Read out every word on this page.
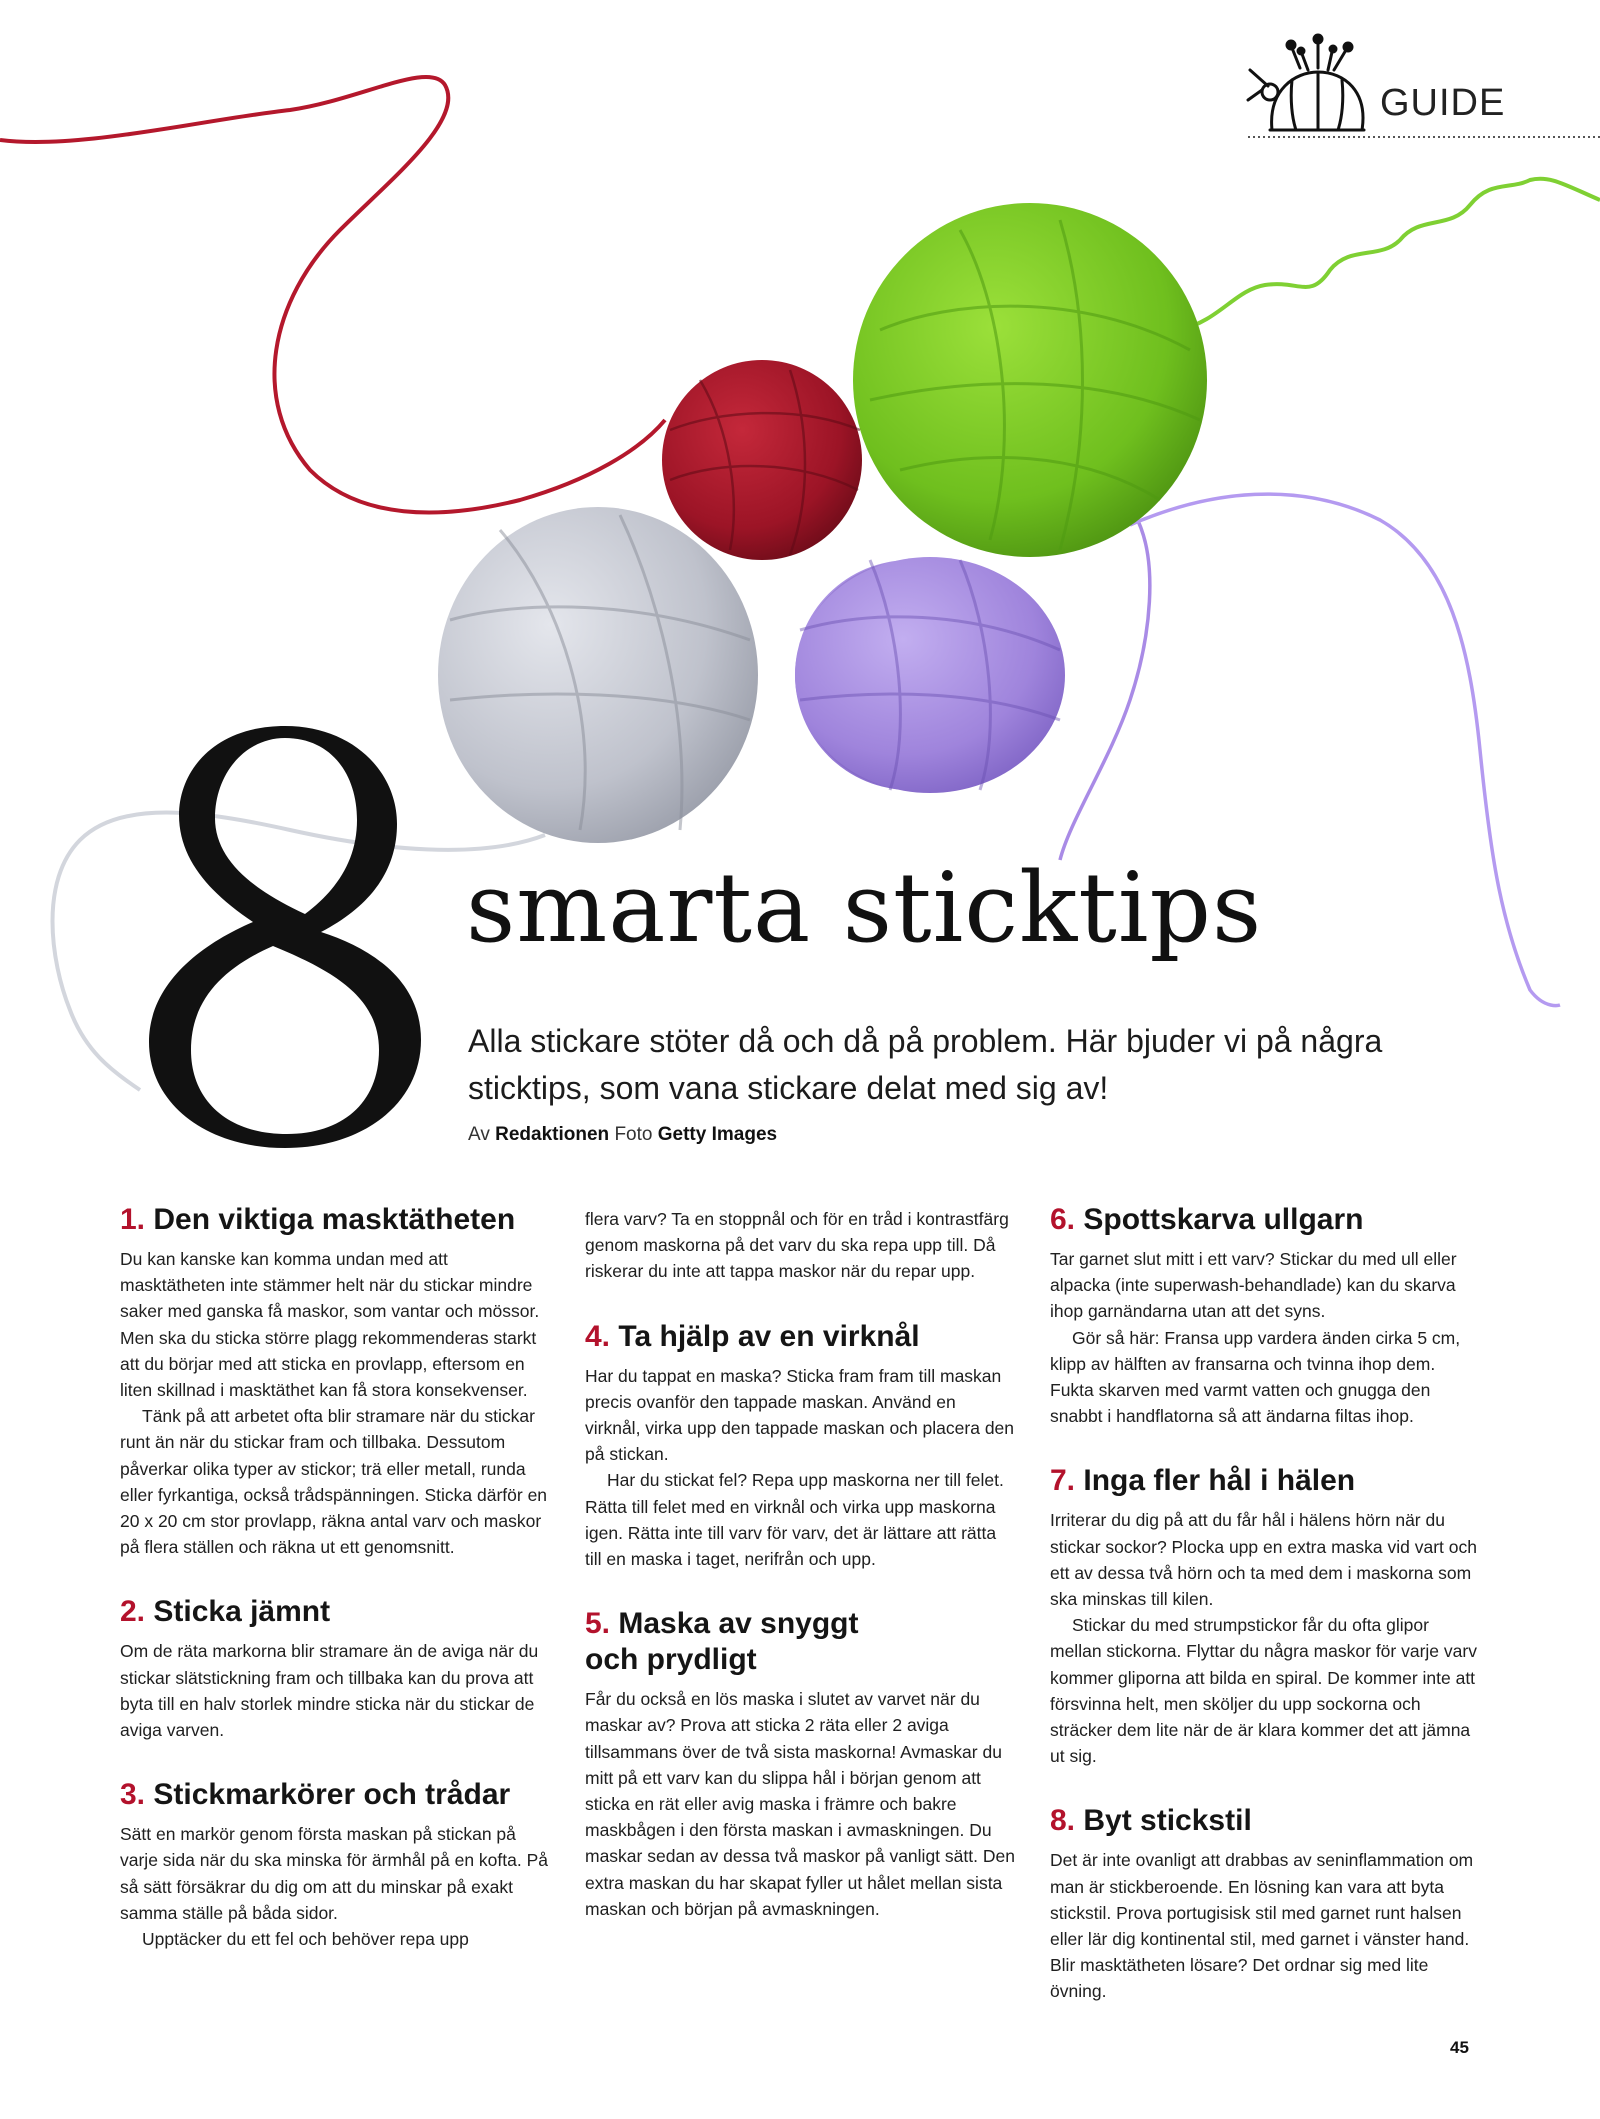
GUIDE
smarta sticktips
Alla stickare stöter då och då på problem. Här bjuder vi på några sticktips, som vana stickare delat med sig av!
Av Redaktionen Foto Getty Images
1. Den viktiga masktätheten

Du kan kanske kan komma undan med att masktätheten inte stämmer helt när du stickar mindre saker med ganska få maskor, som vantar och mössor. Men ska du sticka större plagg rekommenderas starkt att du börjar med att sticka en provlapp, eftersom en liten skillnad i masktäthet kan få stora konsekvenser.

Tänk på att arbetet ofta blir stramare när du stickar runt än när du stickar fram och tillbaka. Dessutom påverkar olika typer av stickor; trä eller metall, runda eller fyrkantiga, också trådspänningen. Sticka därför en 20 x 20 cm stor provlapp, räkna antal varv och maskor på flera ställen och räkna ut ett genomsnitt.

2. Sticka jämnt

Om de räta markorna blir stramare än de aviga när du stickar slätstickning fram och tillbaka kan du prova att byta till en halv storlek mindre sticka när du stickar de aviga varven.

3. Stickmarkörer och trådar

Sätt en markör genom första maskan på stickan på varje sida när du ska minska för ärmhål på en kofta. På så sätt försäkrar du dig om att du minskar på exakt samma ställe på båda sidor.

Upptäcker du ett fel och behöver repa upp

flera varv? Ta en stoppnål och för en tråd i kontrastfärg genom maskorna på det varv du ska repa upp till. Då riskerar du inte att tappa maskor när du repar upp.

4. Ta hjälp av en virknål

Har du tappat en maska? Sticka fram fram till maskan precis ovanför den tappade maskan. Använd en virknål, virka upp den tappade maskan och placera den på stickan.

Har du stickat fel? Repa upp maskorna ner till felet. Rätta till felet med en virknål och virka upp maskorna igen. Rätta inte till varv för varv, det är lättare att rätta till en maska i taget, nerifrån och upp.

5. Maska av snyggt
och prydligt

Får du också en lös maska i slutet av varvet när du maskar av? Prova att sticka 2 räta eller 2 aviga tillsammans över de två sista maskorna! Avmaskar du mitt på ett varv kan du slippa hål i början genom att sticka en rät eller avig maska i främre och bakre maskbågen i den första maskan i avmaskningen. Du maskar sedan av dessa två maskor på vanligt sätt. Den extra maskan du har skapat fyller ut hålet mellan sista maskan och början på avmaskningen.

6. Spottskarva ullgarn

Tar garnet slut mitt i ett varv? Stickar du med ull eller alpacka (inte superwash-behandlade) kan du skarva ihop garnändarna utan att det syns.

Gör så här: Fransa upp vardera änden cirka 5 cm, klipp av hälften av fransarna och tvinna ihop dem. Fukta skarven med varmt vatten och gnugga den snabbt i handflatorna så att ändarna filtas ihop.

7. Inga fler hål i hälen

Irriterar du dig på att du får hål i hälens hörn när du stickar sockor? Plocka upp en extra maska vid vart och ett av dessa två hörn och ta med dem i maskorna som ska minskas till kilen.

Stickar du med strumpstickor får du ofta glipor mellan stickorna. Flyttar du några maskor för varje varv kommer gliporna att bilda en spiral. De kommer inte att försvinna helt, men sköljer du upp sockorna och sträcker dem lite när de är klara kommer det att jämna ut sig.

8. Byt stickstil

Det är inte ovanligt att drabbas av seninflammation om man är stickberoende. En lösning kan vara att byta stickstil. Prova portugisisk stil med garnet runt halsen eller lär dig kontinental stil, med garnet i vänster hand. Blir masktätheten lösare? Det ordnar sig med lite övning.

45
